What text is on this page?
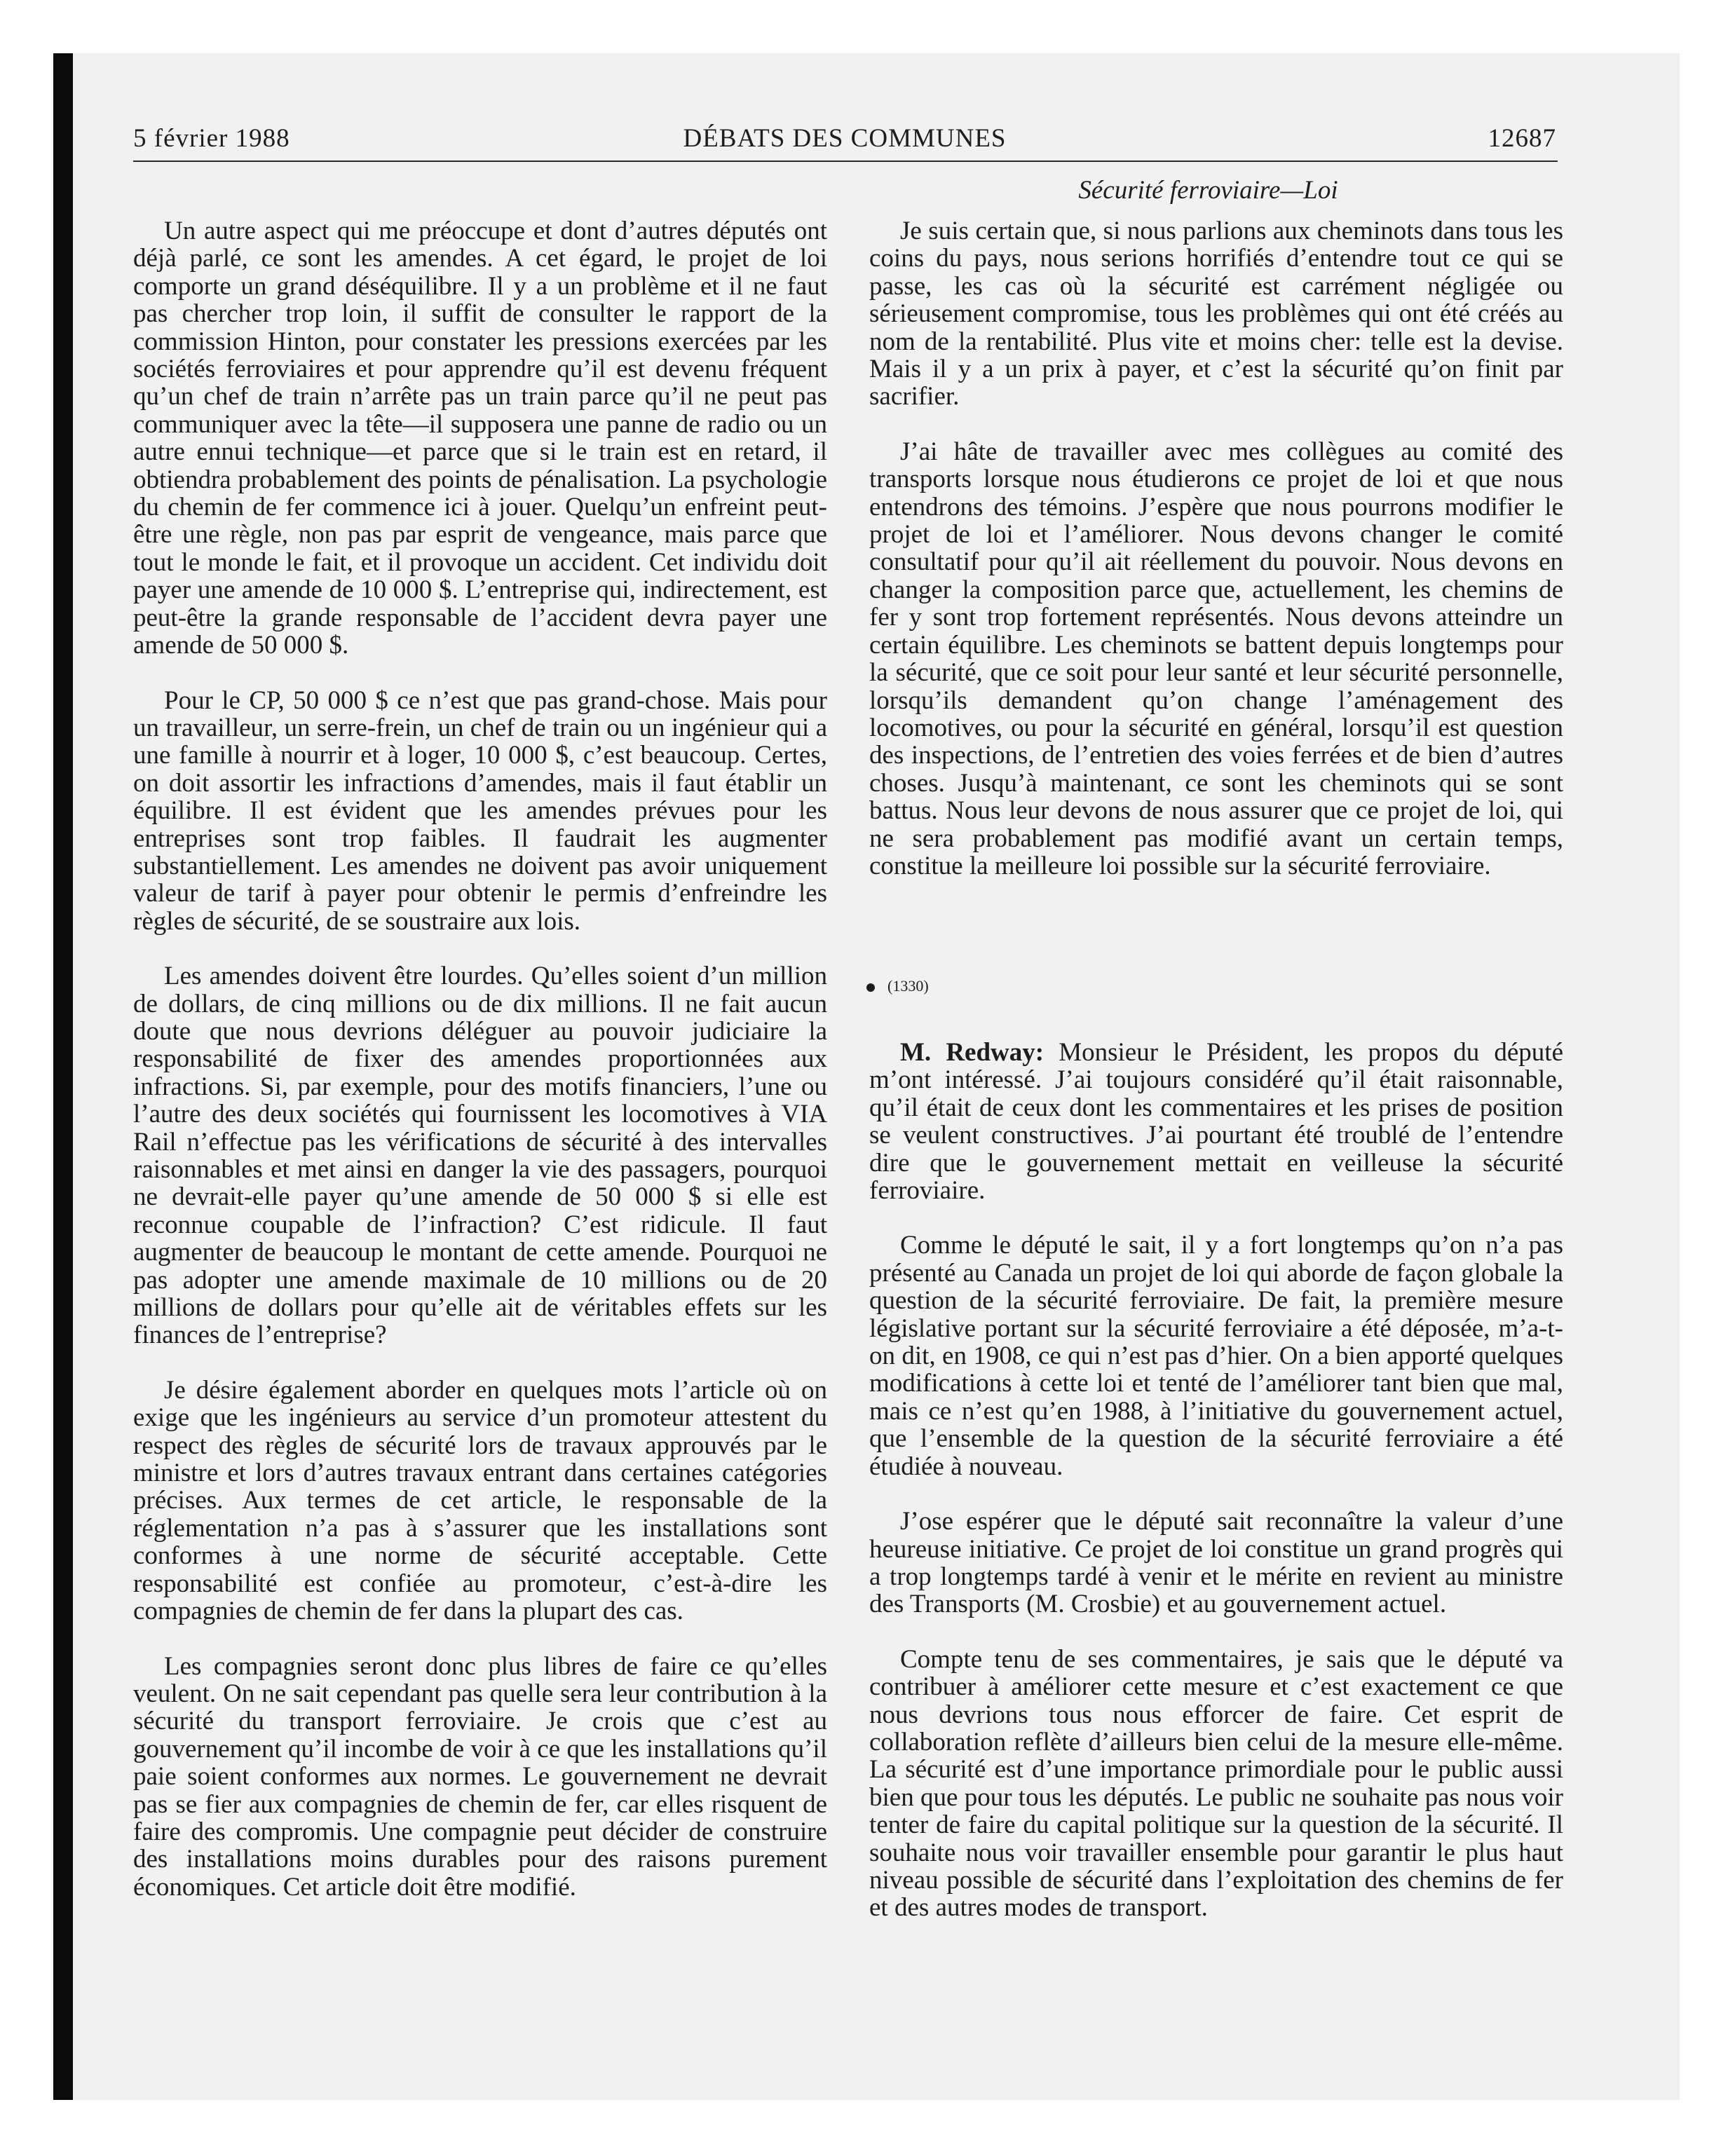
5 février 1988	DÉBATS DES COMMUNES	12687
Sécurité ferroviaire—Loi

Un autre aspect qui me préoccupe et dont d’autres députés ont déjà parlé, ce sont les amendes. A cet égard, le projet de loi comporte un grand déséquilibre. Il y a un problème et il ne faut pas chercher trop loin, il suffit de consulter le rapport de la commission Hinton, pour constater les pressions exercées par les sociétés ferroviaires et pour apprendre qu’il est devenu fréquent qu’un chef de train n’arrête pas un train parce qu’il ne peut pas communiquer avec la tête—il supposera une panne de radio ou un autre ennui technique—et parce que si le train est en retard, il obtiendra probablement des points de pénalisation. La psychologie du chemin de fer commence ici à jouer. Quelqu’un enfreint peut-être une règle, non pas par esprit de vengeance, mais parce que tout le monde le fait, et il provoque un accident. Cet individu doit payer une amende de 10 000 $. L’entreprise qui, indirectement, est peut-être la grande responsable de l’accident devra payer une amende de 50 000 $.

Pour le CP, 50 000 $ ce n’est que pas grand-chose. Mais pour un travailleur, un serre-frein, un chef de train ou un ingénieur qui a une famille à nourrir et à loger, 10 000 $, c’est beaucoup. Certes, on doit assortir les infractions d’amendes, mais il faut établir un équilibre. Il est évident que les amendes prévues pour les entreprises sont trop faibles. Il faudrait les augmenter substantiellement. Les amendes ne doivent pas avoir uniquement valeur de tarif à payer pour obtenir le permis d’enfreindre les règles de sécurité, de se soustraire aux lois.

Les amendes doivent être lourdes. Qu’elles soient d’un million de dollars, de cinq millions ou de dix millions. Il ne fait aucun doute que nous devrions déléguer au pouvoir judiciaire la responsabilité de fixer des amendes proportionnées aux infractions. Si, par exemple, pour des motifs financiers, l’une ou l’autre des deux sociétés qui fournissent les locomotives à VIA Rail n’effectue pas les vérifications de sécurité à des intervalles raisonnables et met ainsi en danger la vie des passagers, pourquoi ne devrait-elle payer qu’une amende de 50 000 $ si elle est reconnue coupable de l’infraction? C’est ridicule. Il faut augmenter de beaucoup le montant de cette amende. Pourquoi ne pas adopter une amende maximale de 10 millions ou de 20 millions de dollars pour qu’elle ait de véritables effets sur les finances de l’entreprise?

Je désire également aborder en quelques mots l’article où on exige que les ingénieurs au service d’un promoteur attestent du respect des règles de sécurité lors de travaux approuvés par le ministre et lors d’autres travaux entrant dans certaines catégories précises. Aux termes de cet article, le responsable de la réglementation n’a pas à s’assurer que les installations sont conformes à une norme de sécurité acceptable. Cette responsabilité est confiée au promoteur, c’est-à-dire les compagnies de chemin de fer dans la plupart des cas.

Les compagnies seront donc plus libres de faire ce qu’elles veulent. On ne sait cependant pas quelle sera leur contribution à la sécurité du transport ferroviaire. Je crois que c’est au gouvernement qu’il incombe de voir à ce que les installations qu’il paie soient conformes aux normes. Le gouvernement ne devrait pas se fier aux compagnies de chemin de fer, car elles risquent de faire des compromis. Une compagnie peut décider de construire des installations moins durables pour des raisons purement économiques. Cet article doit être modifié.

Je suis certain que, si nous parlions aux cheminots dans tous les coins du pays, nous serions horrifiés d’entendre tout ce qui se passe, les cas où la sécurité est carrément négligée ou sérieusement compromise, tous les problèmes qui ont été créés au nom de la rentabilité. Plus vite et moins cher: telle est la devise. Mais il y a un prix à payer, et c’est la sécurité qu’on finit par sacrifier.

J’ai hâte de travailler avec mes collègues au comité des transports lorsque nous étudierons ce projet de loi et que nous entendrons des témoins. J’espère que nous pourrons modifier le projet de loi et l’améliorer. Nous devons changer le comité consultatif pour qu’il ait réellement du pouvoir. Nous devons en changer la composition parce que, actuellement, les chemins de fer y sont trop fortement représentés. Nous devons atteindre un certain équilibre. Les cheminots se battent depuis longtemps pour la sécurité, que ce soit pour leur santé et leur sécurité personnelle, lorsqu’ils demandent qu’on change l’aménagement des locomotives, ou pour la sécurité en général, lorsqu’il est question des inspections, de l’entretien des voies ferrées et de bien d’autres choses. Jusqu’à maintenant, ce sont les cheminots qui se sont battus. Nous leur devons de nous assurer que ce projet de loi, qui ne sera probablement pas modifié avant un certain temps, constitue la meilleure loi possible sur la sécurité ferroviaire.

(1330)

M. Redway: Monsieur le Président, les propos du député m’ont intéressé. J’ai toujours considéré qu’il était raisonnable, qu’il était de ceux dont les commentaires et les prises de position se veulent constructives. J’ai pourtant été troublé de l’entendre dire que le gouvernement mettait en veilleuse la sécurité ferroviaire.

Comme le député le sait, il y a fort longtemps qu’on n’a pas présenté au Canada un projet de loi qui aborde de façon globale la question de la sécurité ferroviaire. De fait, la première mesure législative portant sur la sécurité ferroviaire a été déposée, m’a-t-on dit, en 1908, ce qui n’est pas d’hier. On a bien apporté quelques modifications à cette loi et tenté de l’améliorer tant bien que mal, mais ce n’est qu’en 1988, à l’initiative du gouvernement actuel, que l’ensemble de la question de la sécurité ferroviaire a été étudiée à nouveau.

J’ose espérer que le député sait reconnaître la valeur d’une heureuse initiative. Ce projet de loi constitue un grand progrès qui a trop longtemps tardé à venir et le mérite en revient au ministre des Transports (M. Crosbie) et au gouvernement actuel.

Compte tenu de ses commentaires, je sais que le député va contribuer à améliorer cette mesure et c’est exactement ce que nous devrions tous nous efforcer de faire. Cet esprit de collaboration reflète d’ailleurs bien celui de la mesure elle-même. La sécurité est d’une importance primordiale pour le public aussi bien que pour tous les députés. Le public ne souhaite pas nous voir tenter de faire du capital politique sur la question de la sécurité. Il souhaite nous voir travailler ensemble pour garantir le plus haut niveau possible de sécurité dans l’exploitation des chemins de fer et des autres modes de transport.
